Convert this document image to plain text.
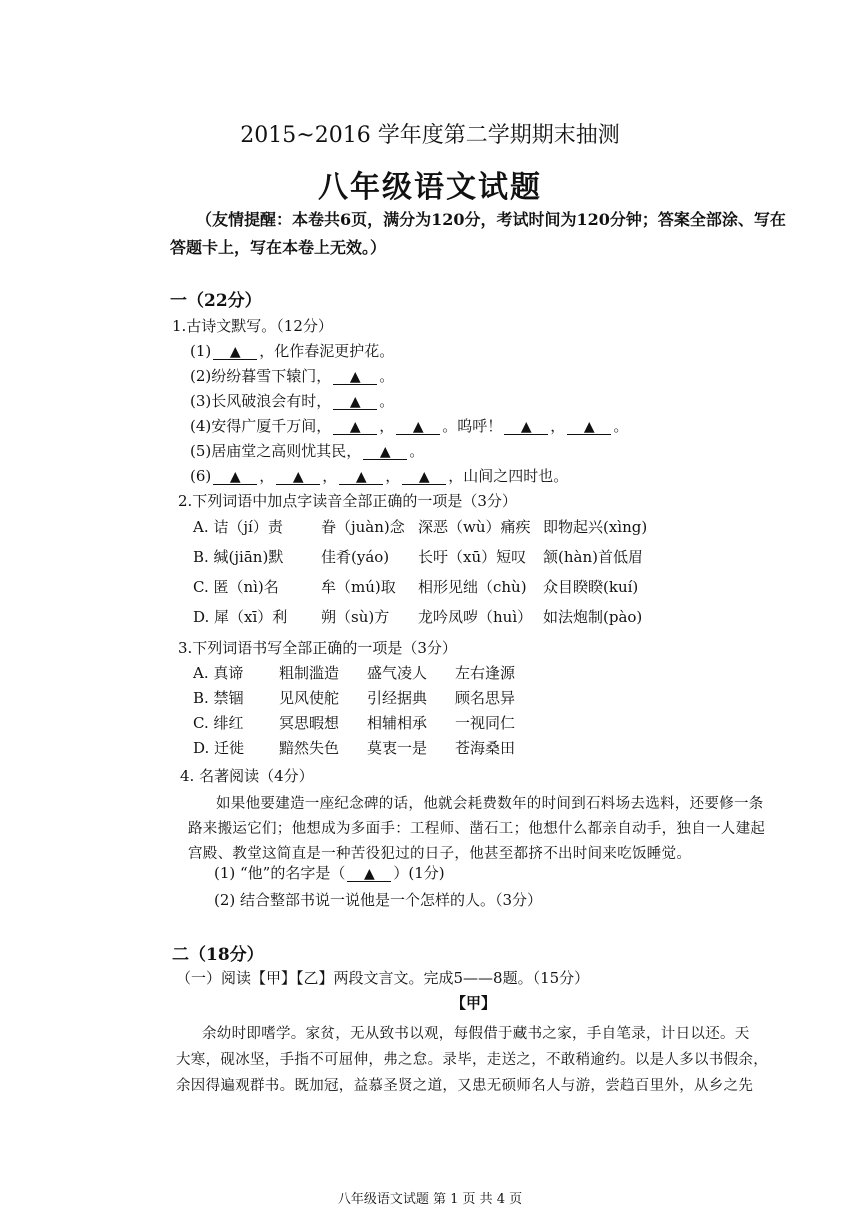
2015~2016 学年度第二学期期末抽测
八年级语文试题
（友情提醒：本卷共6页，满分为120分，考试时间为120分钟；答案全部涂、写在
答题卡上，写在本卷上无效。）
一（22分）
1.古诗文默写。（12分）
(1) ▲ ，化作春泥更护花。
(2)纷纷暮雪下辕门， ▲ 。
(3)长风破浪会有时， ▲ 。
(4)安得广厦千万间， ▲ ， ▲ 。呜呼！ ▲ ， ▲ 。
(5)居庙堂之高则忧其民， ▲ 。
(6) ▲ ， ▲ ， ▲ ， ▲ ，山间之四时也。
2.下列词语中加点字读音全部正确的一项是（3分）
A. 诘（jí）责	眷（juàn)念 深恶（wù）痛疾 即物起兴(xìng)
B. 缄(jiān)默	佳肴(yáo) 长吁（xū）短叹 颔(hàn)首低眉
C. 匿（nì)名	牟（mú)取 相形见绌（chù) 众目睽睽(kuí)
D. 犀（xī）利 朔（sù)方 龙吟凤哕（huì） 如法炮制(pào)
3.下列词语书写全部正确的一项是（3分）
A. 真谛 粗制滥造 盛气凌人 左右逢源
B. 禁锢 见风使舵 引经据典 顾名思异
C. 绯红 冥思暇想 相辅相承 一视同仁
D. 迁徙 黯然失色 莫衷一是 苍海桑田
4. 名著阅读（4分）
如果他要建造一座纪念碑的话，他就会耗费数年的时间到石料场去选料，还要修一条
路来搬运它们；他想成为多面手：工程师、凿石工；他想什么都亲自动手，独自一人建起
宫殿、教堂这简直是一种苦役犯过的日子，他甚至都挤不出时间来吃饭睡觉。
(1) “他”的名字是（ ▲ ）(1分)
(2) 结合整部书说一说他是一个怎样的人。（3分）
二（18分）
（一）阅读【甲】【乙】两段文言文。完成5——8题。（15分）
【甲】
余幼时即嗜学。家贫，无从致书以观，每假借于藏书之家，手自笔录，计日以还。天
大寒，砚冰坚，手指不可屈伸，弗之怠。录毕，走送之，不敢稍逾约。以是人多以书假余，
余因得遍观群书。既加冠，益慕圣贤之道，又患无硕师名人与游，尝趋百里外，从乡之先
八年级语文试题 第 1 页 共 4 页
